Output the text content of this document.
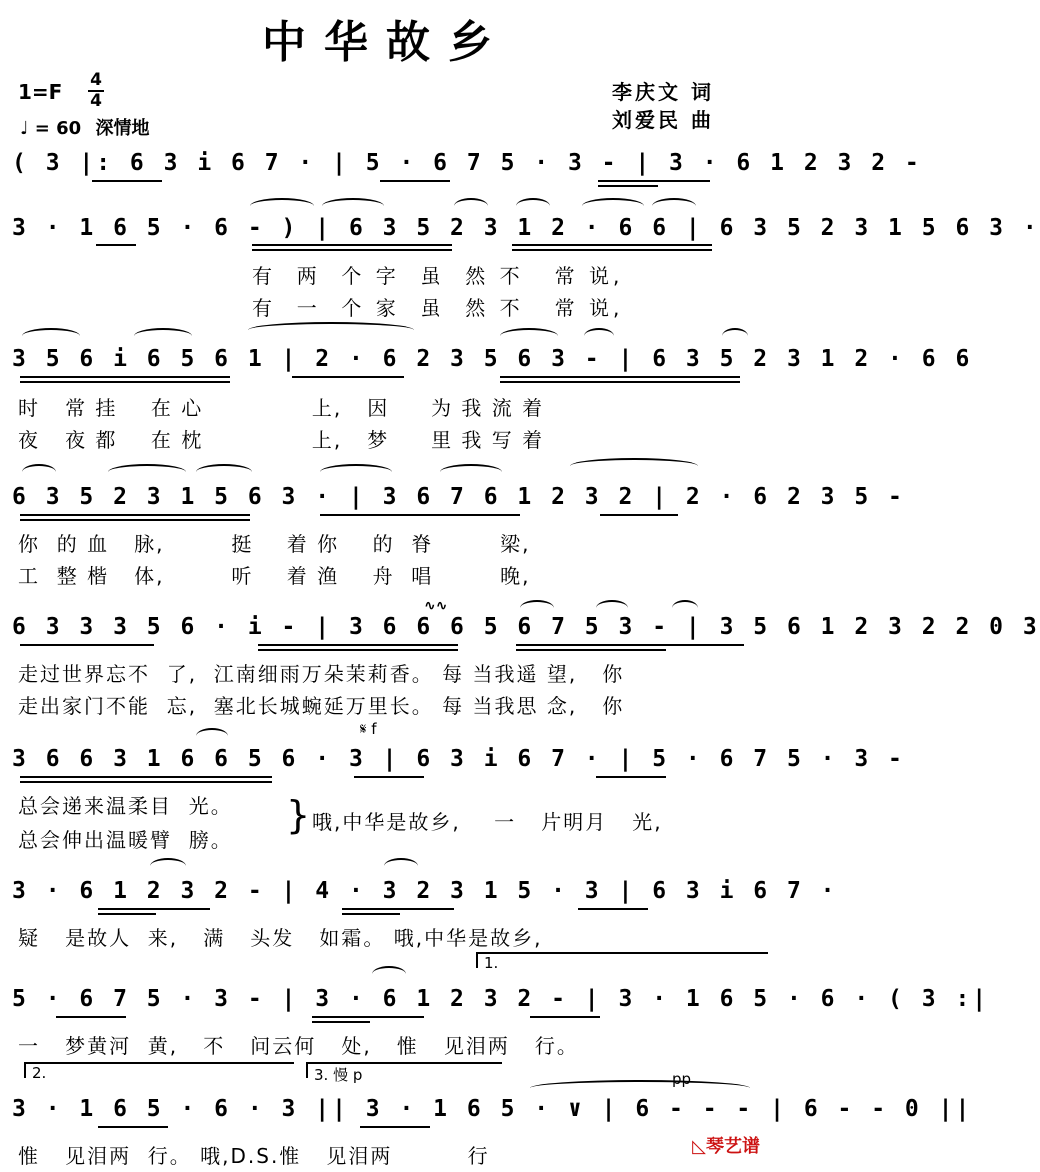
中华故乡
1=F 4
4
♩ = 60 深情地
李庆文 词
刘爱民 曲
( 3 |: 6 3 i 6 7 · | 5 · 6 7 5 · 3 - | 3 · 6 1 2 3 2 -
3 · 1 6 5 · 6 - ) | 6 3 5 2 3 1 2 · 6 6 | 6 3 5 2 3 1 5 6 3 ·
有  两  个 字  虽  然 不   常 说,
有  一  个 家  虽  然 不   常 说,
3 5 6 i 6 5 6 1 | 2 · 6 2 3 5 6 3 - | 6 3 5 2 3 1 2 · 6 6
时   常 挂    在 心             上,   因     为 我 流 着
夜   夜 都    在 枕             上,   梦     里 我 写 着
6 3 5 2 3 1 5 6 3 · | 3 6 7 6 1 2 3 2 | 2 · 6 2 3 5 -
你  的 血   脉,        挺    着 你    的  脊        梁,
工  整 楷   体,        听    着 渔    舟  唱        晚,
6 3 3 3 5 6 · i - | 3 6 6 6 5 6 7 5 3 - | 3 5 6 1 2 3 2 2 0 3
∿∿
走过世界忘不  了,  江南细雨万朵茉莉香。 每 当我遥 望,   你
走出家门不能  忘,  塞北长城蜿延万里长。 每 当我思 念,   你
𝄋 f
3 6 6 3 1 6 6 5 6 · 3 | 6 3 i 6 7 · | 5 · 6 7 5 · 3 -
总会递来温柔目  光。
总会伸出温暖臂  膀。
} 哦,中华是故乡,    一   片明月   光,
3 · 6 1 2 3 2 - | 4 · 3 2 3 1 5 · 3 | 6 3 i 6 7 ·
疑   是故人  来,   满   头发   如霜。 哦,中华是故乡,
1.
5 · 6 7 5 · 3 - | 3 · 6 1 2 3 2 - | 3 · 1 6 5 · 6 · ( 3 :|
一   梦黄河  黄,   不   问云何   处,   惟   见泪两   行。
2.	3. 慢 p	pp
3 · 1 6 5 · 6 · 3 || 3 · 1 6 5 · ∨ | 6 - - - | 6 - - 0 ||
惟   见泪两  行。 哦,D.S.惟   见泪两         行	◺琴艺谱
